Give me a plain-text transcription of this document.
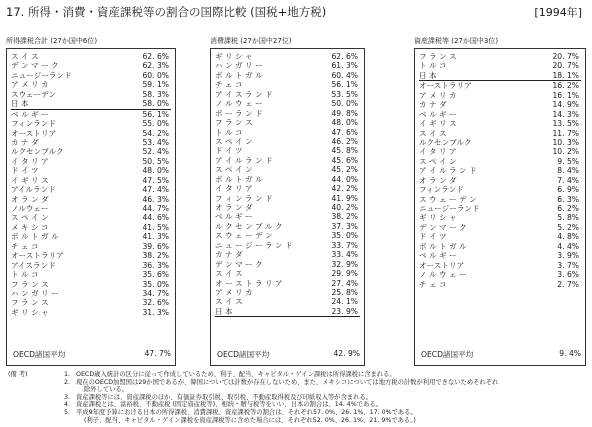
17. 所得・消費・資産課税等の割合の国際比較 (国税+地方税)	[1994年]
所得課税合計 (27か国中6位)
ス イ ス	62. 6%
デ ン マ ー ク	62. 3%
ニュージーランド	60. 0%
ア メ リ カ	59. 1%
スウェーデン	58. 3%
日 本	58. 0%
ベ ル ギ ー	56. 1%
フィンランド	55. 0%
オーストリア	54. 2%
カ ナ ダ	53. 4%
ルクセンブルク	52. 4%
イ タ リ ア	50. 5%
ド イ ツ	48. 0%
イ ギ リ ス	47. 5%
アイルランド	47. 4%
オ ラ ン ダ	46. 3%
ノルウェー	44. 7%
ス ペ イ ン	44. 6%
メ キ シ コ	41. 5%
ポ ル ト ガ ル	41. 3%
チ ェ コ	39. 6%
オーストラリア	38. 2%
アイスランド	36. 3%
ト ル コ	35. 6%
フ ラ ン ス	35. 0%
ハ ン ガ リ ー	34. 7%
フ ラ ン ス	32. 6%
ギ リ シ ャ	31. 3%
OECD諸国平均	47. 7%
消費課税 (27か国中27位)
ギ リ シ ャ	62. 6%
ハ ン ガ リ ー	61. 3%
ポ ル ト ガ ル	60. 4%
チ ェ コ	56. 1%
ア イ ス ラ ン ド	53. 5%
ノ ル ウ ェ ー	50. 0%
ポ ー ラ ン ド	49. 8%
フ ラ ン ス	48. 0%
ト ル コ	47. 6%
ス ペ イ ン	46. 2%
ド イ ツ	45. 8%
ア イ ル ラ ン ド	45. 6%
ス ペ イ ン	45. 2%
ポ ル ト ガ ル	44. 0%
イ タ リ ア	42. 2%
フ ィ ン ラ ン ド	41. 9%
オ ラ ン ダ	40. 2%
ベ ル ギ ー	38. 2%
ル ク セ ン ブ ル ク	37. 3%
ス ウ ェ ー デ ン	35. 0%
ニ ュ ー ジ ー ラ ン ド	33. 7%
カ ナ ダ	33. 4%
デ ン マ ー ク	32. 9%
ス イ ス	29. 9%
オ ー ス ト ラ リ ア	27. 4%
ア メ リ カ	25. 8%
ス イ ス	24. 1%
日 本	23. 9%
OECD諸国平均	42. 9%
資産課税等 (27か国中3位)
フ ラ ン ス	20. 7%
ト ル コ	20. 7%
日 本	18. 1%
オーストラリア	16. 2%
ア メ リ カ	16. 1%
カ ナ ダ	14. 9%
ベ ル ギ ー	14. 3%
イ ギ リ ス	13. 5%
ス イ ス	11. 7%
ルクセンブルク	10. 3%
イ タ リ ア	10. 2%
ス ペ イ ン	9. 5%
ア イ ル ラ ン ド	8. 4%
オ ラ ン ダ	7. 4%
フィンランド	6. 9%
ス ウ ェ ー デ ン	6. 3%
ニュージーランド	6. 2%
ギ リ シ ャ	5. 8%
デ ン マ ー ク	5. 2%
ド イ ツ	4. 8%
ポ ル ト ガ ル	4. 4%
ベ ル ギ ー	3. 9%
オーストリア	3. 7%
ノ ル ウ ェ ー	3. 6%
チ ェ コ	2. 7%
OECD諸国平均	9. 4%
(備 考)	1. OECD歳入統計の区分に従って作成しているため、利子、配当、キャピタル・ゲイン課税は所得課税に含まれる。
2. 現在のOECD加盟国は29か国であるが、韓国については計数が存在しないため、また、メキシコについては地方税の計数が利用できないためそれぞれ
除外している。
3. 資産課税等には、資産課税のほか、有価証券取引税、取引税、不動産取得税及び印紙収入等が含まれる。
4. 資産課税とは、富裕税、不動産税 (固定資産税等)、相続・贈与税等をいい、日本の割合は、14. 4%である。
5. 平成9年度予算における日本の所得課税、消費課税、資産課税等の割合は、それぞれ57. 0%、26. 1%、17. 0%である。
(利子、配当、キャピタル・ゲイン課税を資産課税等に含めた場合には、それぞれ52. 0%、26. 1%、21. 9%である。)
